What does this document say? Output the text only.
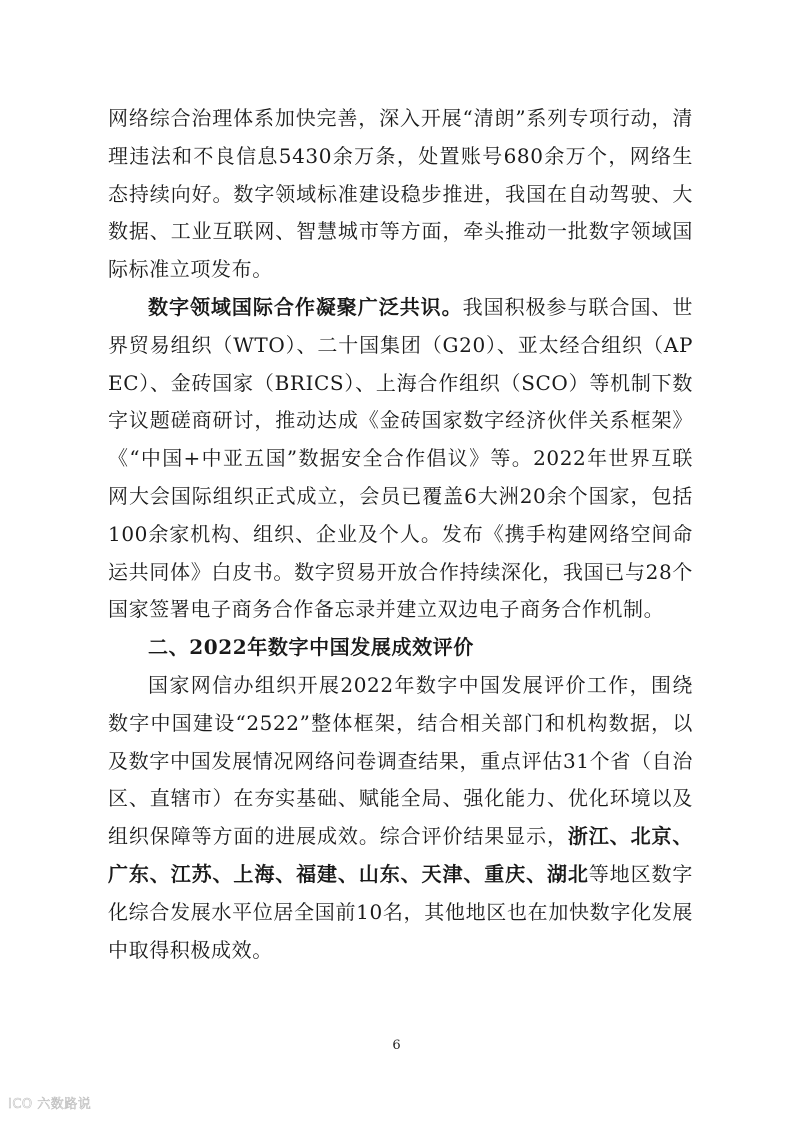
网络综合治理体系加快完善，深入开展“清朗”系列专项行动，清理违法和不良信息5430余万条，处置账号680余万个，网络生态持续向好。数字领域标准建设稳步推进，我国在自动驾驶、大数据、工业互联网、智慧城市等方面，牵头推动一批数字领域国际标准立项发布。

数字领域国际合作凝聚广泛共识。我国积极参与联合国、世界贸易组织（WTO）、二十国集团（G20）、亚太经合组织（APEC）、金砖国家（BRICS）、上海合作组织（SCO）等机制下数字议题磋商研讨，推动达成《金砖国家数字经济伙伴关系框架》《“中国+中亚五国”数据安全合作倡议》等。2022年世界互联网大会国际组织正式成立，会员已覆盖6大洲20余个国家，包括100余家机构、组织、企业及个人。发布《携手构建网络空间命运共同体》白皮书。数字贸易开放合作持续深化，我国已与28个国家签署电子商务合作备忘录并建立双边电子商务合作机制。

二、2022年数字中国发展成效评价

国家网信办组织开展2022年数字中国发展评价工作，围绕数字中国建设“2522”整体框架，结合相关部门和机构数据，以及数字中国发展情况网络问卷调查结果，重点评估31个省（自治区、直辖市）在夯实基础、赋能全局、强化能力、优化环境以及组织保障等方面的进展成效。综合评价结果显示，浙江、北京、广东、江苏、上海、福建、山东、天津、重庆、湖北等地区数字化综合发展水平位居全国前10名，其他地区也在加快数字化发展中取得积极成效。

6
ICO 六数路说
